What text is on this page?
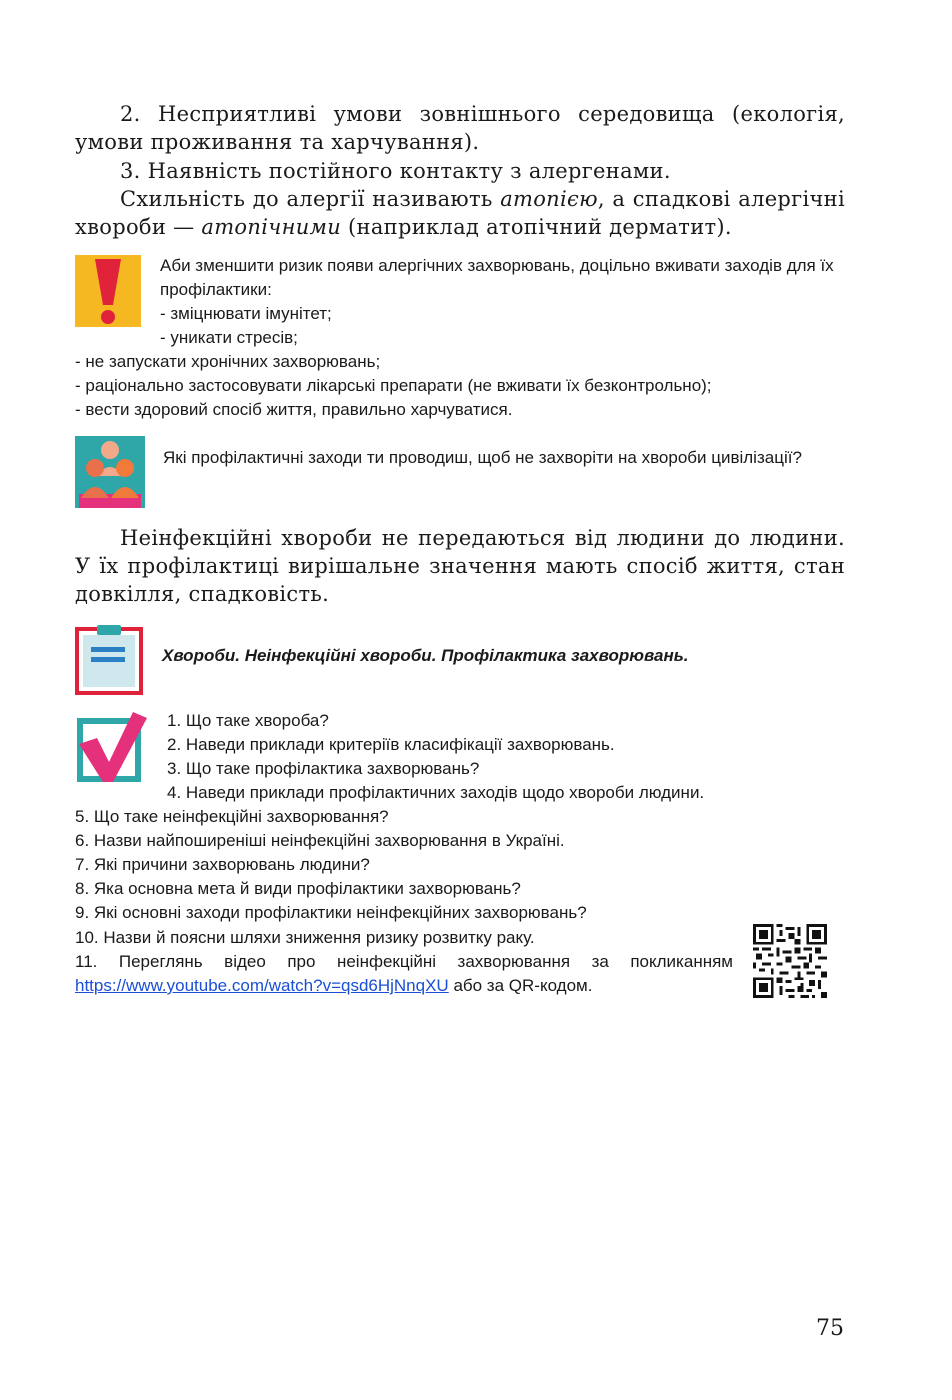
2. Несприятливі умови зовнішнього середовища (екологія, умови проживання та харчування).

3. Наявність постійного контакту з алергенами.

Схильність до алергії називають атопією, а спадкові алергічні хвороби — атопічними (наприклад атопічний дерматит).

Аби зменшити ризик появи алергічних захворювань, доцільно вживати заходів для їх профілактики:
- зміцнювати імунітет;
- уникати стресів;
- не запускати хронічних захворювань;
- раціонально застосовувати лікарські препарати (не вживати їх безконтрольно);
- вести здоровий спосіб життя, правильно харчуватися.
Які профілактичні заходи ти проводиш, щоб не захворіти на хвороби цивілізації?

Неінфекційні хвороби не передаються від людини до людини. У їх профілактиці вирішальне значення мають спосіб життя, стан довкілля, спадковість.

Хвороби. Неінфекційні хвороби. Профілактика захворювань.
1. Що таке хвороба?
2. Наведи приклади критеріїв класифікації захворювань.
3. Що таке профілактика захворювань?
4. Наведи приклади профілактичних заходів щодо хвороби людини.
5. Що таке неінфекційні захворювання?
6. Назви найпоширеніші неінфекційні захворювання в Україні.
7. Які причини захворювань людини?
8. Яка основна мета й види профілактики захворювань?
9. Які основні заходи профілактики неінфекційних захворювань?
10. Назви й поясни шляхи зниження ризику розвитку раку.
11. Переглянь відео про неінфекційні захворювання за покликанням
https://www.youtube.com/watch?v=qsd6HjNnqXU або за QR-кодом.
75
